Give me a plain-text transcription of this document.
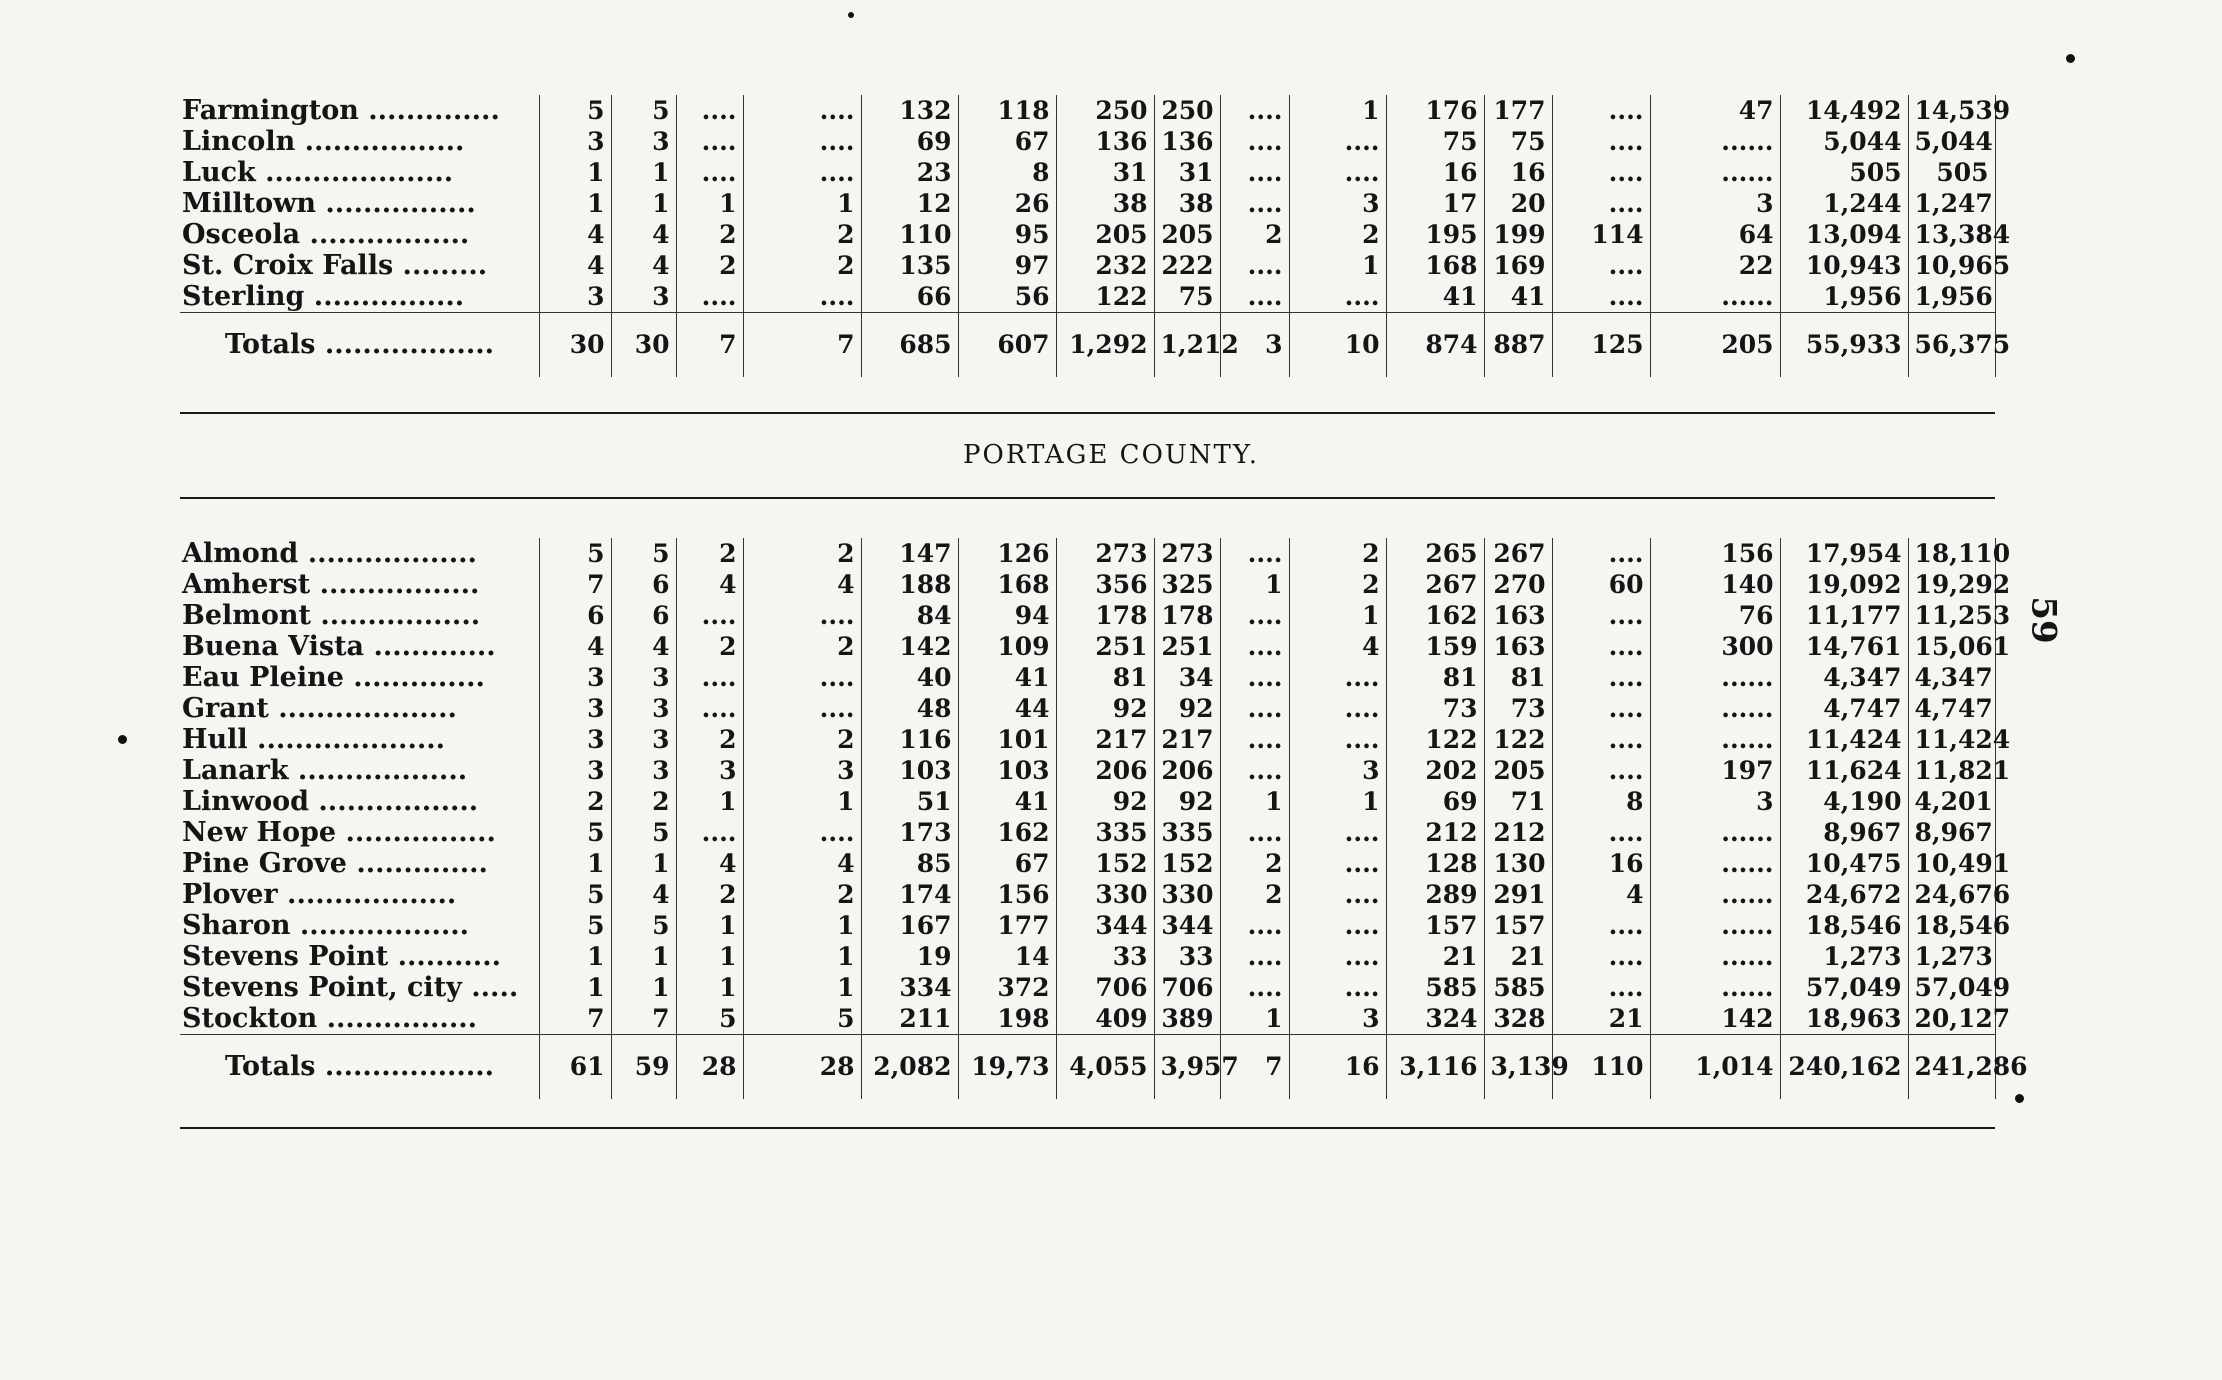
Farmington ..............		5	5	....	....	132	118	250	250	....	1	176	177	....	47	14,492	14,539	
Lincoln .................		3	3	....	....	69	67	136	136	....	....	75	75	....	......	5,044	5,044	
Luck ....................		1	1	....	....	23	8	31	31	....	....	16	16	....	......	505	505	
Milltown ................		1	1	1	1	12	26	38	38	....	3	17	20	....	3	1,244	1,247	
Osceola .................		4	4	2	2	110	95	205	205	2	2	195	199	114	64	13,094	13,384	
St. Croix Falls .........		4	4	2	2	135	97	232	222	....	1	168	169	....	22	10,943	10,965	
Sterling ................		3	3	....	....	66	56	122	75	....	....	41	41	....	......	1,956	1,956	
Totals ..................		30	30	7	7	685	607	1,292	1,212	3	10	874	887	125	205	55,933	56,375	
PORTAGE COUNTY.
Almond ..................		5	5	2	2	147	126	273	273	....	2	265	267	....	156	17,954	18,110	
Amherst .................		7	6	4	4	188	168	356	325	1	2	267	270	60	140	19,092	19,292	
Belmont .................		6	6	....	....	84	94	178	178	....	1	162	163	....	76	11,177	11,253	
Buena Vista .............		4	4	2	2	142	109	251	251	....	4	159	163	....	300	14,761	15,061	
Eau Pleine ..............		3	3	....	....	40	41	81	34	....	....	81	81	....	......	4,347	4,347	
Grant ...................		3	3	....	....	48	44	92	92	....	....	73	73	....	......	4,747	4,747	
Hull ....................		3	3	2	2	116	101	217	217	....	....	122	122	....	......	11,424	11,424	
Lanark ..................		3	3	3	3	103	103	206	206	....	3	202	205	....	197	11,624	11,821	
Linwood .................		2	2	1	1	51	41	92	92	1	1	69	71	8	3	4,190	4,201	
New Hope ................		5	5	....	....	173	162	335	335	....	....	212	212	....	......	8,967	8,967	
Pine Grove ..............		1	1	4	4	85	67	152	152	2	....	128	130	16	......	10,475	10,491	
Plover ..................		5	4	2	2	174	156	330	330	2	....	289	291	4	......	24,672	24,676	
Sharon ..................		5	5	1	1	167	177	344	344	....	....	157	157	....	......	18,546	18,546	
Stevens Point ...........		1	1	1	1	19	14	33	33	....	....	21	21	....	......	1,273	1,273	
Stevens Point, city .....		1	1	1	1	334	372	706	706	....	....	585	585	....	......	57,049	57,049	
Stockton ................		7	7	5	5	211	198	409	389	1	3	324	328	21	142	18,963	20,127	
Totals ..................		61	59	28	28	2,082	19,73	4,055	3,957	7	16	3,116	3,139	110	1,014	240,162	241,286	
59
